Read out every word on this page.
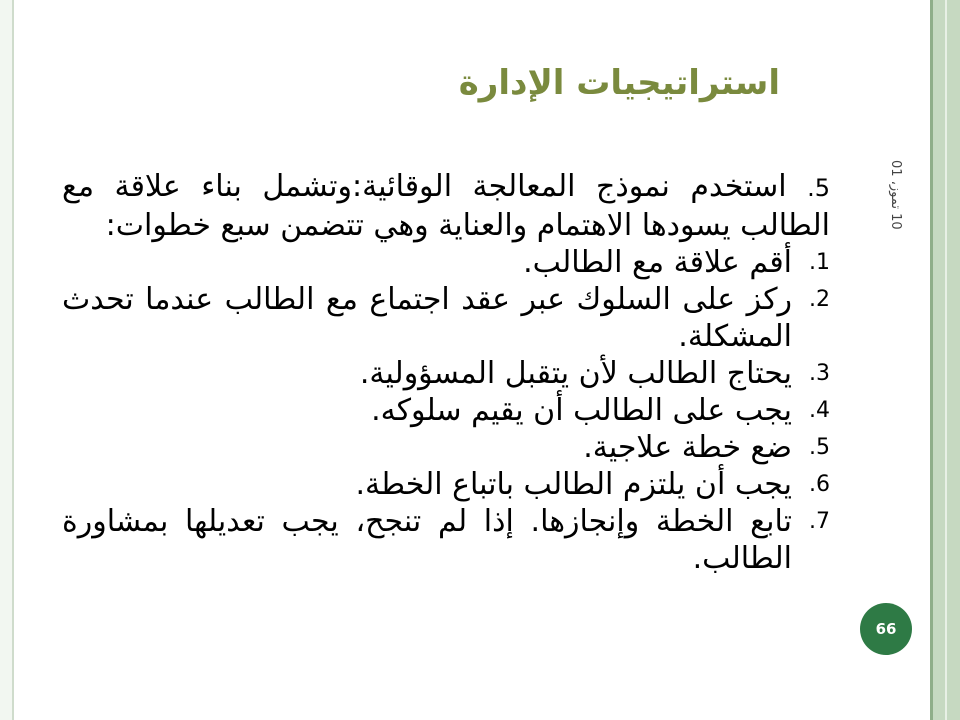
استراتيجيات الإدارة
10 تموز، 01
5. استخدم نموذج المعالجة الوقائية:وتشمل بناء علاقة مع الطالب يسودها الاهتمام والعناية وهي تتضمن سبع خطوات:
1.
أقم علاقة مع الطالب.
2.
ركز على السلوك عبر عقد اجتماع مع الطالب عندما تحدث المشكلة.
3.
يحتاج الطالب لأن يتقبل المسؤولية.
4.
يجب على الطالب أن يقيم سلوكه.
5.
ضع خطة علاجية.
6.
يجب أن يلتزم الطالب باتباع الخطة.
7.
تابع الخطة وإنجازها. إذا لم تنجح، يجب تعديلها بمشاورة الطالب.
66
